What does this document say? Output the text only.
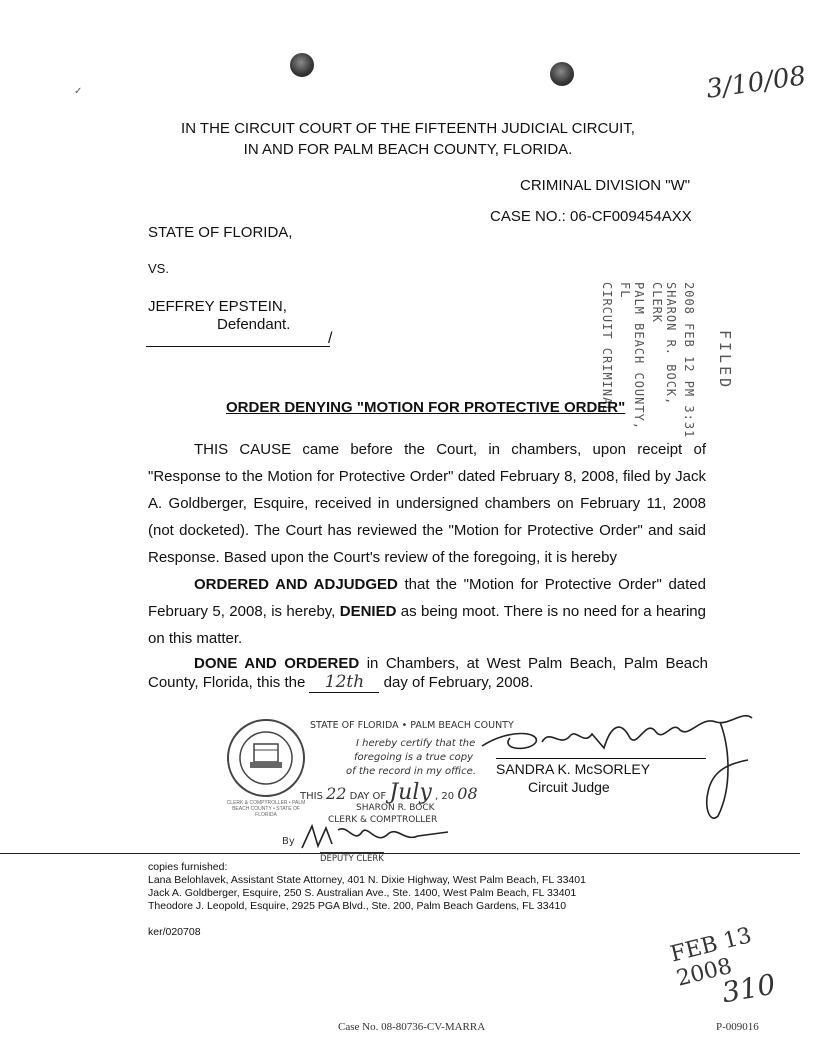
✓	3/10/08
IN THE CIRCUIT COURT OF THE FIFTEENTH JUDICIAL CIRCUIT,
IN AND FOR PALM BEACH COUNTY, FLORIDA.
CRIMINAL DIVISION "W"
CASE NO.: 06-CF009454AXX
STATE OF FLORIDA,
VS.
JEFFREY EPSTEIN,
Defendant.
/	2008 FEB 12 PM 3:31
SHARON R. BOCK, CLERK
PALM BEACH COUNTY, FL
CIRCUIT CRIMINAL	FILED
ORDER DENYING "MOTION FOR PROTECTIVE ORDER"
THIS CAUSE came before the Court, in chambers, upon receipt of "Response to the Motion for Protective Order" dated February 8, 2008, filed by Jack A. Goldberger, Esquire, received in undersigned chambers on February 11, 2008 (not docketed). The Court has reviewed the "Motion for Protective Order" and said Response. Based upon the Court's review of the foregoing, it is hereby
ORDERED AND ADJUDGED that the "Motion for Protective Order" dated February 5, 2008, is hereby, DENIED as being moot. There is no need for a hearing on this matter.
DONE AND ORDERED in Chambers, at West Palm Beach, Palm Beach County, Florida, this the 12th day of February, 2008.
CLERK & COMPTROLLER • PALM BEACH COUNTY • STATE OF FLORIDA
STATE OF FLORIDA • PALM BEACH COUNTY
I hereby certify that the
foregoing is a true copy
of the record in my office.
THIS 22 DAY OF July , 20 08
SHARON R. BOCK
CLERK & COMPTROLLER
By
DEPUTY CLERK
SANDRA K. McSORLEY
Circuit Judge
copies furnished:
Lana Belohlavek, Assistant State Attorney, 401 N. Dixie Highway, West Palm Beach, FL 33401
Jack A. Goldberger, Esquire, 250 S. Australian Ave., Ste. 1400, West Palm Beach, FL 33401
Theodore J. Leopold, Esquire, 2925 PGA Blvd., Ste. 200, Palm Beach Gardens, FL 33410
ker/020708	FEB 13 2008
310
Case No. 08-80736-CV-MARRA	P-009016
